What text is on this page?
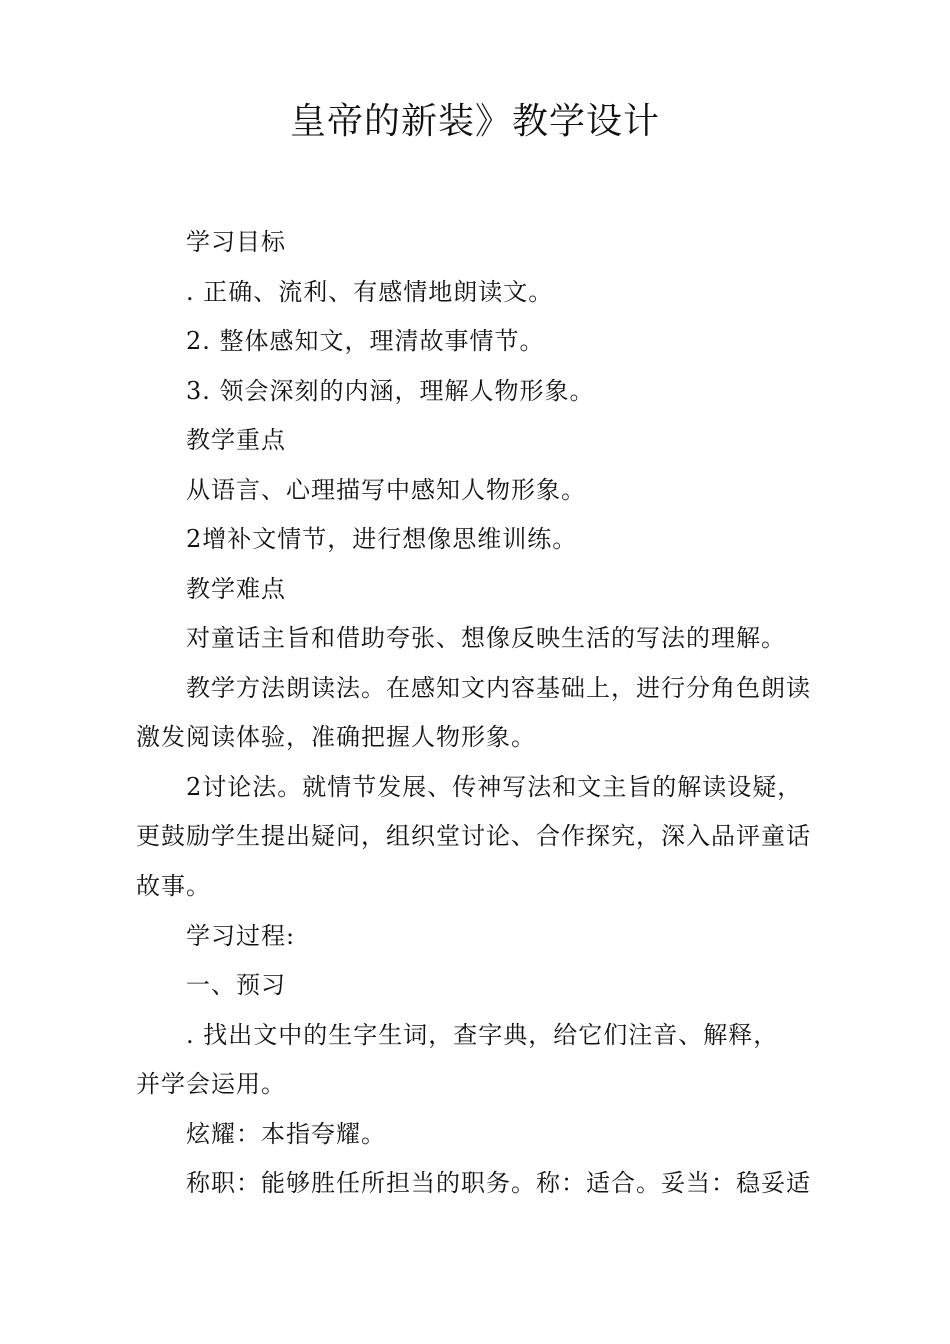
皇帝的新装》教学设计
学习目标
. 正确、流利、有感情地朗读文。
2. 整体感知文，理清故事情节。
3. 领会深刻的内涵，理解人物形象。
教学重点
从语言、心理描写中感知人物形象。
2增补文情节，进行想像思维训练。
教学难点
对童话主旨和借助夸张、想像反映生活的写法的理解。
教学方法朗读法。在感知文内容基础上，进行分角色朗读
激发阅读体验，准确把握人物形象。
2讨论法。就情节发展、传神写法和文主旨的解读设疑，
更鼓励学生提出疑问，组织堂讨论、合作探究，深入品评童话
故事。
学习过程:
一、预习
. 找出文中的生字生词，查字典，给它们注音、解释，
并学会运用。
炫耀：本指夸耀。
称职：能够胜任所担当的职务。称：适合。妥当：稳妥适
